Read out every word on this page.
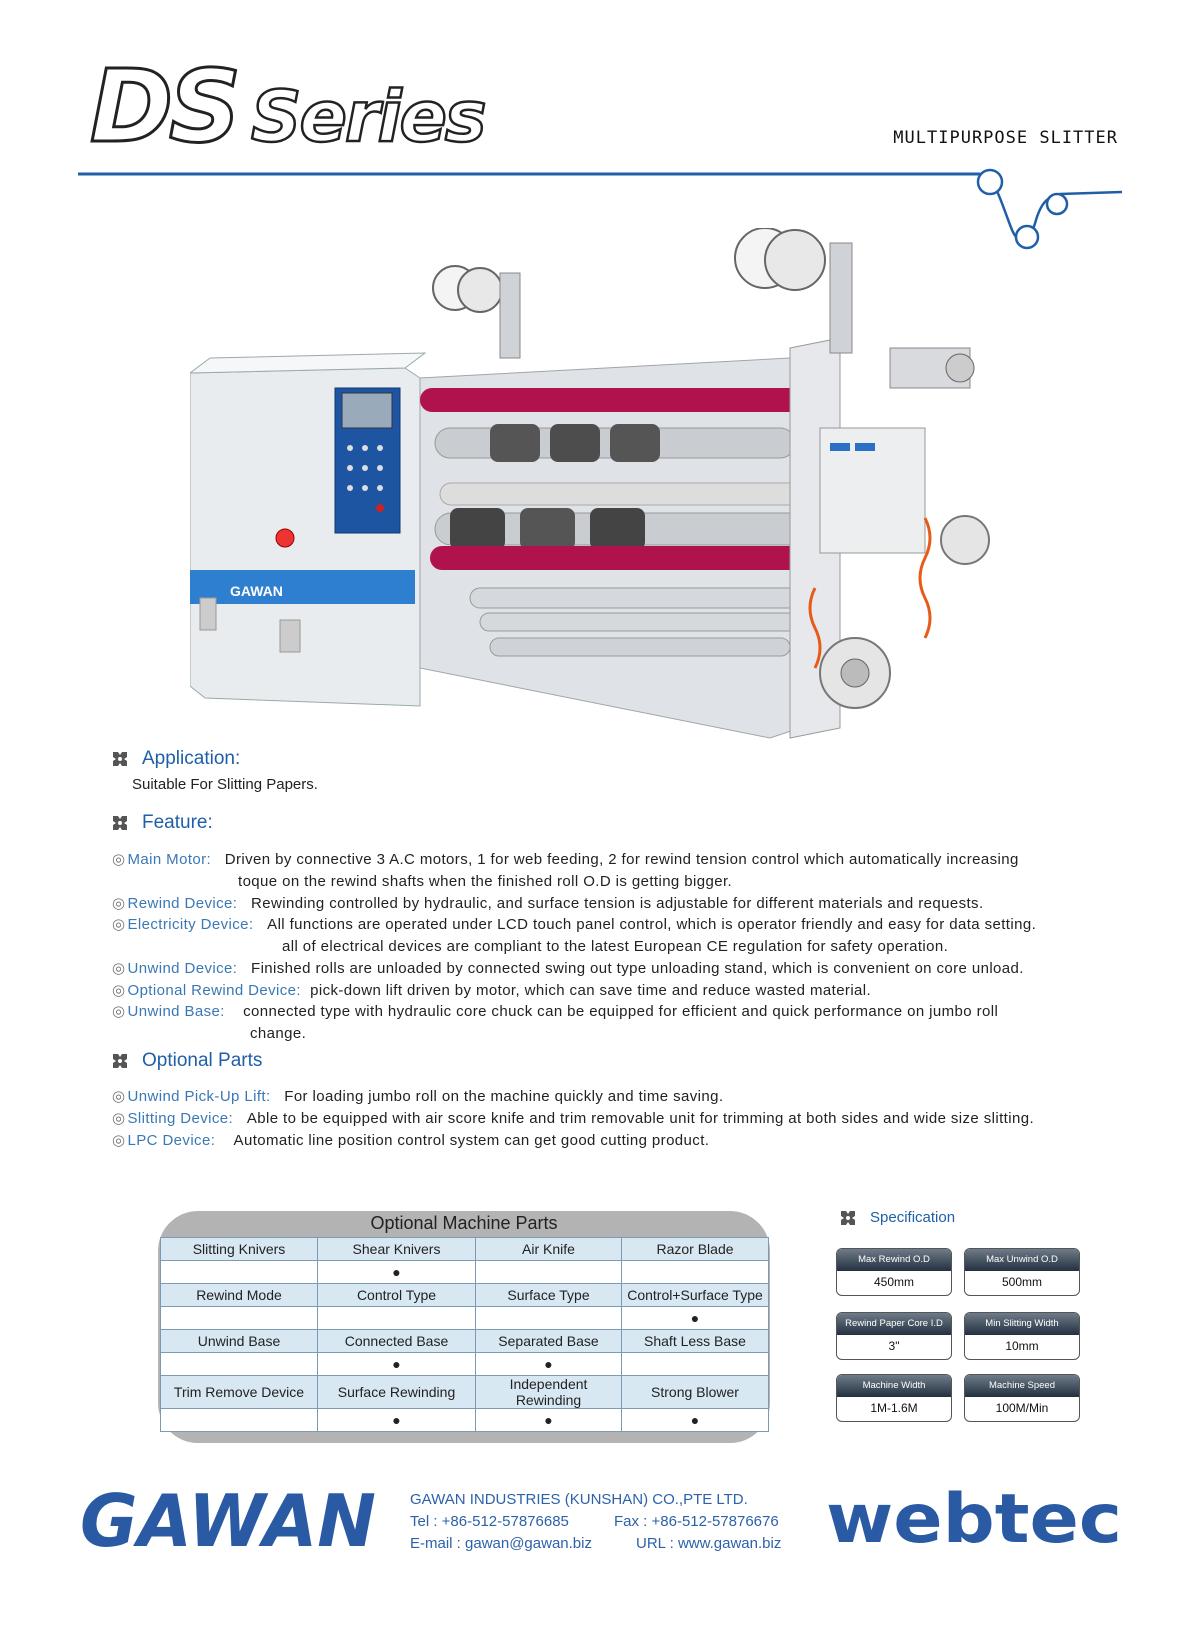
DS Series	MULTIPURPOSE SLITTER
GAWAN
Application:
Suitable For Slitting Papers.
Feature:
◎ Main Motor: Driven by connective 3 A.C motors, 1 for web feeding, 2 for rewind tension control which automatically increasing
toque on the rewind shafts when the finished roll O.D is getting bigger.
◎ Rewind Device: Rewinding controlled by hydraulic, and surface tension is adjustable for different materials and requests.
◎ Electricity Device: All functions are operated under LCD touch panel control, which is operator friendly and easy for data setting.
all of electrical devices are compliant to the latest European CE regulation for safety operation.
◎ Unwind Device: Finished rolls are unloaded by connected swing out type unloading stand, which is convenient on core unload.
◎ Optional Rewind Device: pick-down lift driven by motor, which can save time and reduce wasted material.
◎ Unwind Base: connected type with hydraulic core chuck can be equipped for efficient and quick performance on jumbo roll
change.
Optional Parts
◎ Unwind Pick-Up Lift: For loading jumbo roll on the machine quickly and time saving.
◎ Slitting Device: Able to be equipped with air score knife and trim removable unit for trimming at both sides and wide size slitting.
◎ LPC Device: Automatic line position control system can get good cutting product.
Optional Machine Parts
Slitting Knivers	Shear Knivers	Air Knife	Razor Blade
	●		
Rewind Mode	Control Type	Surface Type	Control+Surface Type
			●
Unwind Base	Connected Base	Separated Base	Shaft Less Base
	●	●	
Trim Remove Device	Surface Rewinding	Independent Rewinding	Strong Blower
	●	●	●
Specification
Max Rewind O.D
450mm
Max Unwind O.D
500mm
Rewind Paper Core I.D
3"
Min Slitting Width
10mm
Machine Width
1M-1.6M
Machine Speed
100M/Min
GAWAN GAWAN INDUSTRIES (KUNSHAN) CO.,PTE LTD.
Tel : +86-512-57876685	Fax : +86-512-57876676
E-mail : gawan@gawan.biz	URL : www.gawan.biz webtec
